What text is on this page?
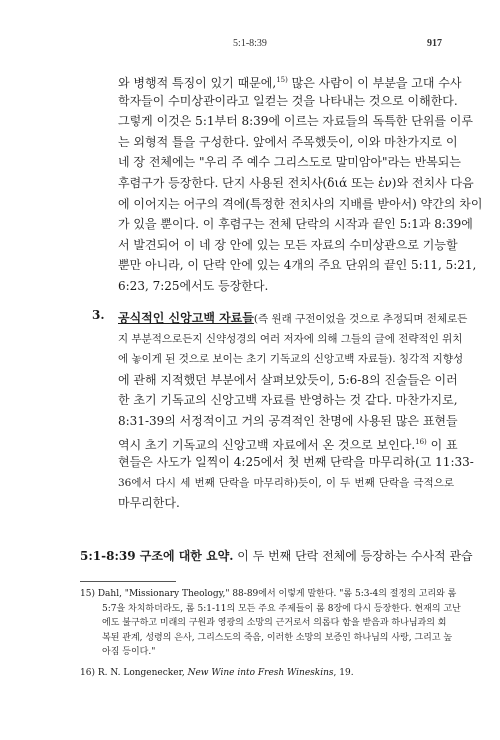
5:1-8:39	917
와 병행적 특징이 있기 때문에,$^{15)}$ 많은 사람이 이 부분을 고대 수사
학자들이 수미상관이라고 일컫는 것을 나타내는 것으로 이해한다.
그렇게 이것은 5:1부터 8:39에 이르는 자료들의 독특한 단위를 이루
는 외형적 틀을 구성한다. 앞에서 주목했듯이, 이와 마찬가지로 이
네 장 전체에는 "우리 주 예수 그리스도로 말미암아"라는 반복되는
후렴구가 등장한다. 단지 사용된 전치사(διά 또는 ἐν)와 전치사 다음
에 이어지는 어구의 격에(특정한 전치사의 지배를 받아서) 약간의 차이
가 있을 뿐이다. 이 후렴구는 전체 단락의 시작과 끝인 5:1과 8:39에
서 발견되어 이 네 장 안에 있는 모든 자료의 수미상관으로 기능할
뿐만 아니라, 이 단락 안에 있는 4개의 주요 단위의 끝인 5:11, 5:21,
6:23, 7:25에서도 등장한다.
3. 공식적인 신앙고백 자료들(즉 원래 구전이었을 것으로 추정되며 전체로든
지 부분적으로든지 신약성경의 여러 저자에 의해 그들의 글에 전략적인 위치
에 놓이게 된 것으로 보이는 초기 기독교의 신앙고백 자료들). 칭각적 지향성
에 관해 지적했던 부분에서 살펴보았듯이, 5:6-8의 진술들은 이러
한 초기 기독교의 신앙고백 자료를 반영하는 것 같다. 마찬가지로,
8:31-39의 서정적이고 거의 공격적인 찬명에 사용된 많은 표현들
역시 초기 기독교의 신앙고백 자료에서 온 것으로 보인다.$^{16)}$ 이 표
현들은 사도가 일찍이 4:25에서 첫 번째 단락을 마무리하(고 11:33-
36에서 다시 세 번째 단락을 마무리하)듯이, 이 두 번째 단락을 극적으로
마무리한다.
5:1-8:39 구조에 대한 요약. 이 두 번째 단락 전체에 등장하는 수사적 관습
15) Dahl, "Missionary Theology," 88-89에서 이렇게 말한다. "롬 5:3-4의 절정의 고리와 롬
5:7을 차치하더라도, 롬 5:1-11의 모든 주요 주제들이 롬 8장에 다시 등장한다. 현재의 고난
에도 불구하고 미래의 구원과 영광의 소망의 근거로서 의롭다 함을 받음과 하나님과의 회
복된 관계, 성령의 은사, 그리스도의 죽음, 이러한 소망의 보증인 하나님의 사랑, 그리고 높
아짐 등이다."
16) R. N. Longenecker, New Wine into Fresh Wineskins, 19.
